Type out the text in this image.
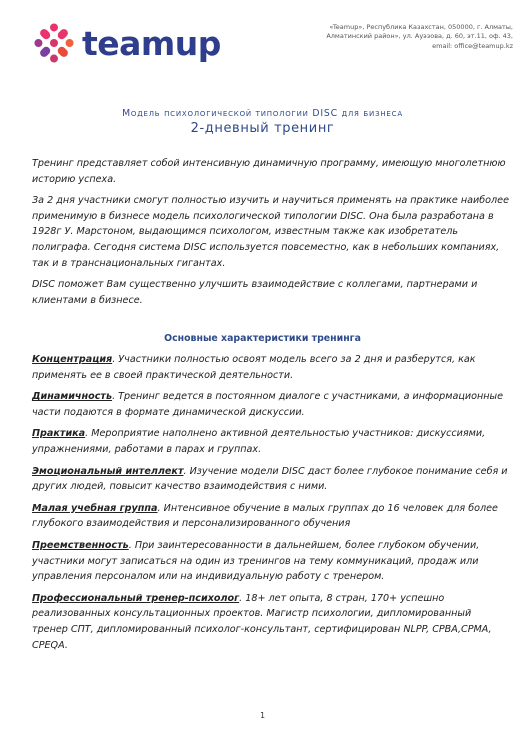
teamup	«Teamup», Республика Казахстан, 050000, г. Алматы,
Алматинский район», ул. Ауэзова, д. 60, эт.11, оф. 43,
email: office@teamup.kz
Модель психологической типологии DISC для бизнеса
2-дневный тренинг

Тренинг представляет собой интенсивную динамичную программу, имеющую многолетнюю историю успеха.

За 2 дня участники смогут полностью изучить и научиться применять на практике наиболее применимую в бизнесе модель психологической типологии DISC. Она была разработана в 1928г У. Марстоном, выдающимся психологом, известным также как изобретатель полиграфа. Сегодня система DISC используется повсеместно, как в небольших компаниях, так и в транснациональных гигантах.

DISC поможет Вам существенно улучшить взаимодействие с коллегами, партнерами и клиентами в бизнесе.

Основные характеристики тренинга

Концентрация. Участники полностью освоят модель всего за 2 дня и разберутся, как применять ее в своей практической деятельности.

Динамичность. Тренинг ведется в постоянном диалоге с участниками, а информационные части подаются в формате динамической дискуссии.

Практика. Мероприятие наполнено активной деятельностью участников: дискуссиями, упражнениями, работами в парах и группах.

Эмоциональный интеллект. Изучение модели DISC даст более глубокое понимание себя и других людей, повысит качество взаимодействия с ними.

Малая учебная группа. Интенсивное обучение в малых группах до 16 человек для более глубокого взаимодействия и персонализированного обучения

Преемственность. При заинтересованности в дальнейшем, более глубоком обучении, участники могут записаться на один из тренингов на тему коммуникаций, продаж или управления персоналом или на индивидуальную работу с тренером.

Профессиональный тренер-психолог. 18+ лет опыта, 8 стран, 170+ успешно реализованных консультационных проектов. Магистр психологии, дипломированный тренер СПТ, дипломированный психолог-консультант, сертифицирован NLPP, CPBA,CPMA, CPEQA.

1
